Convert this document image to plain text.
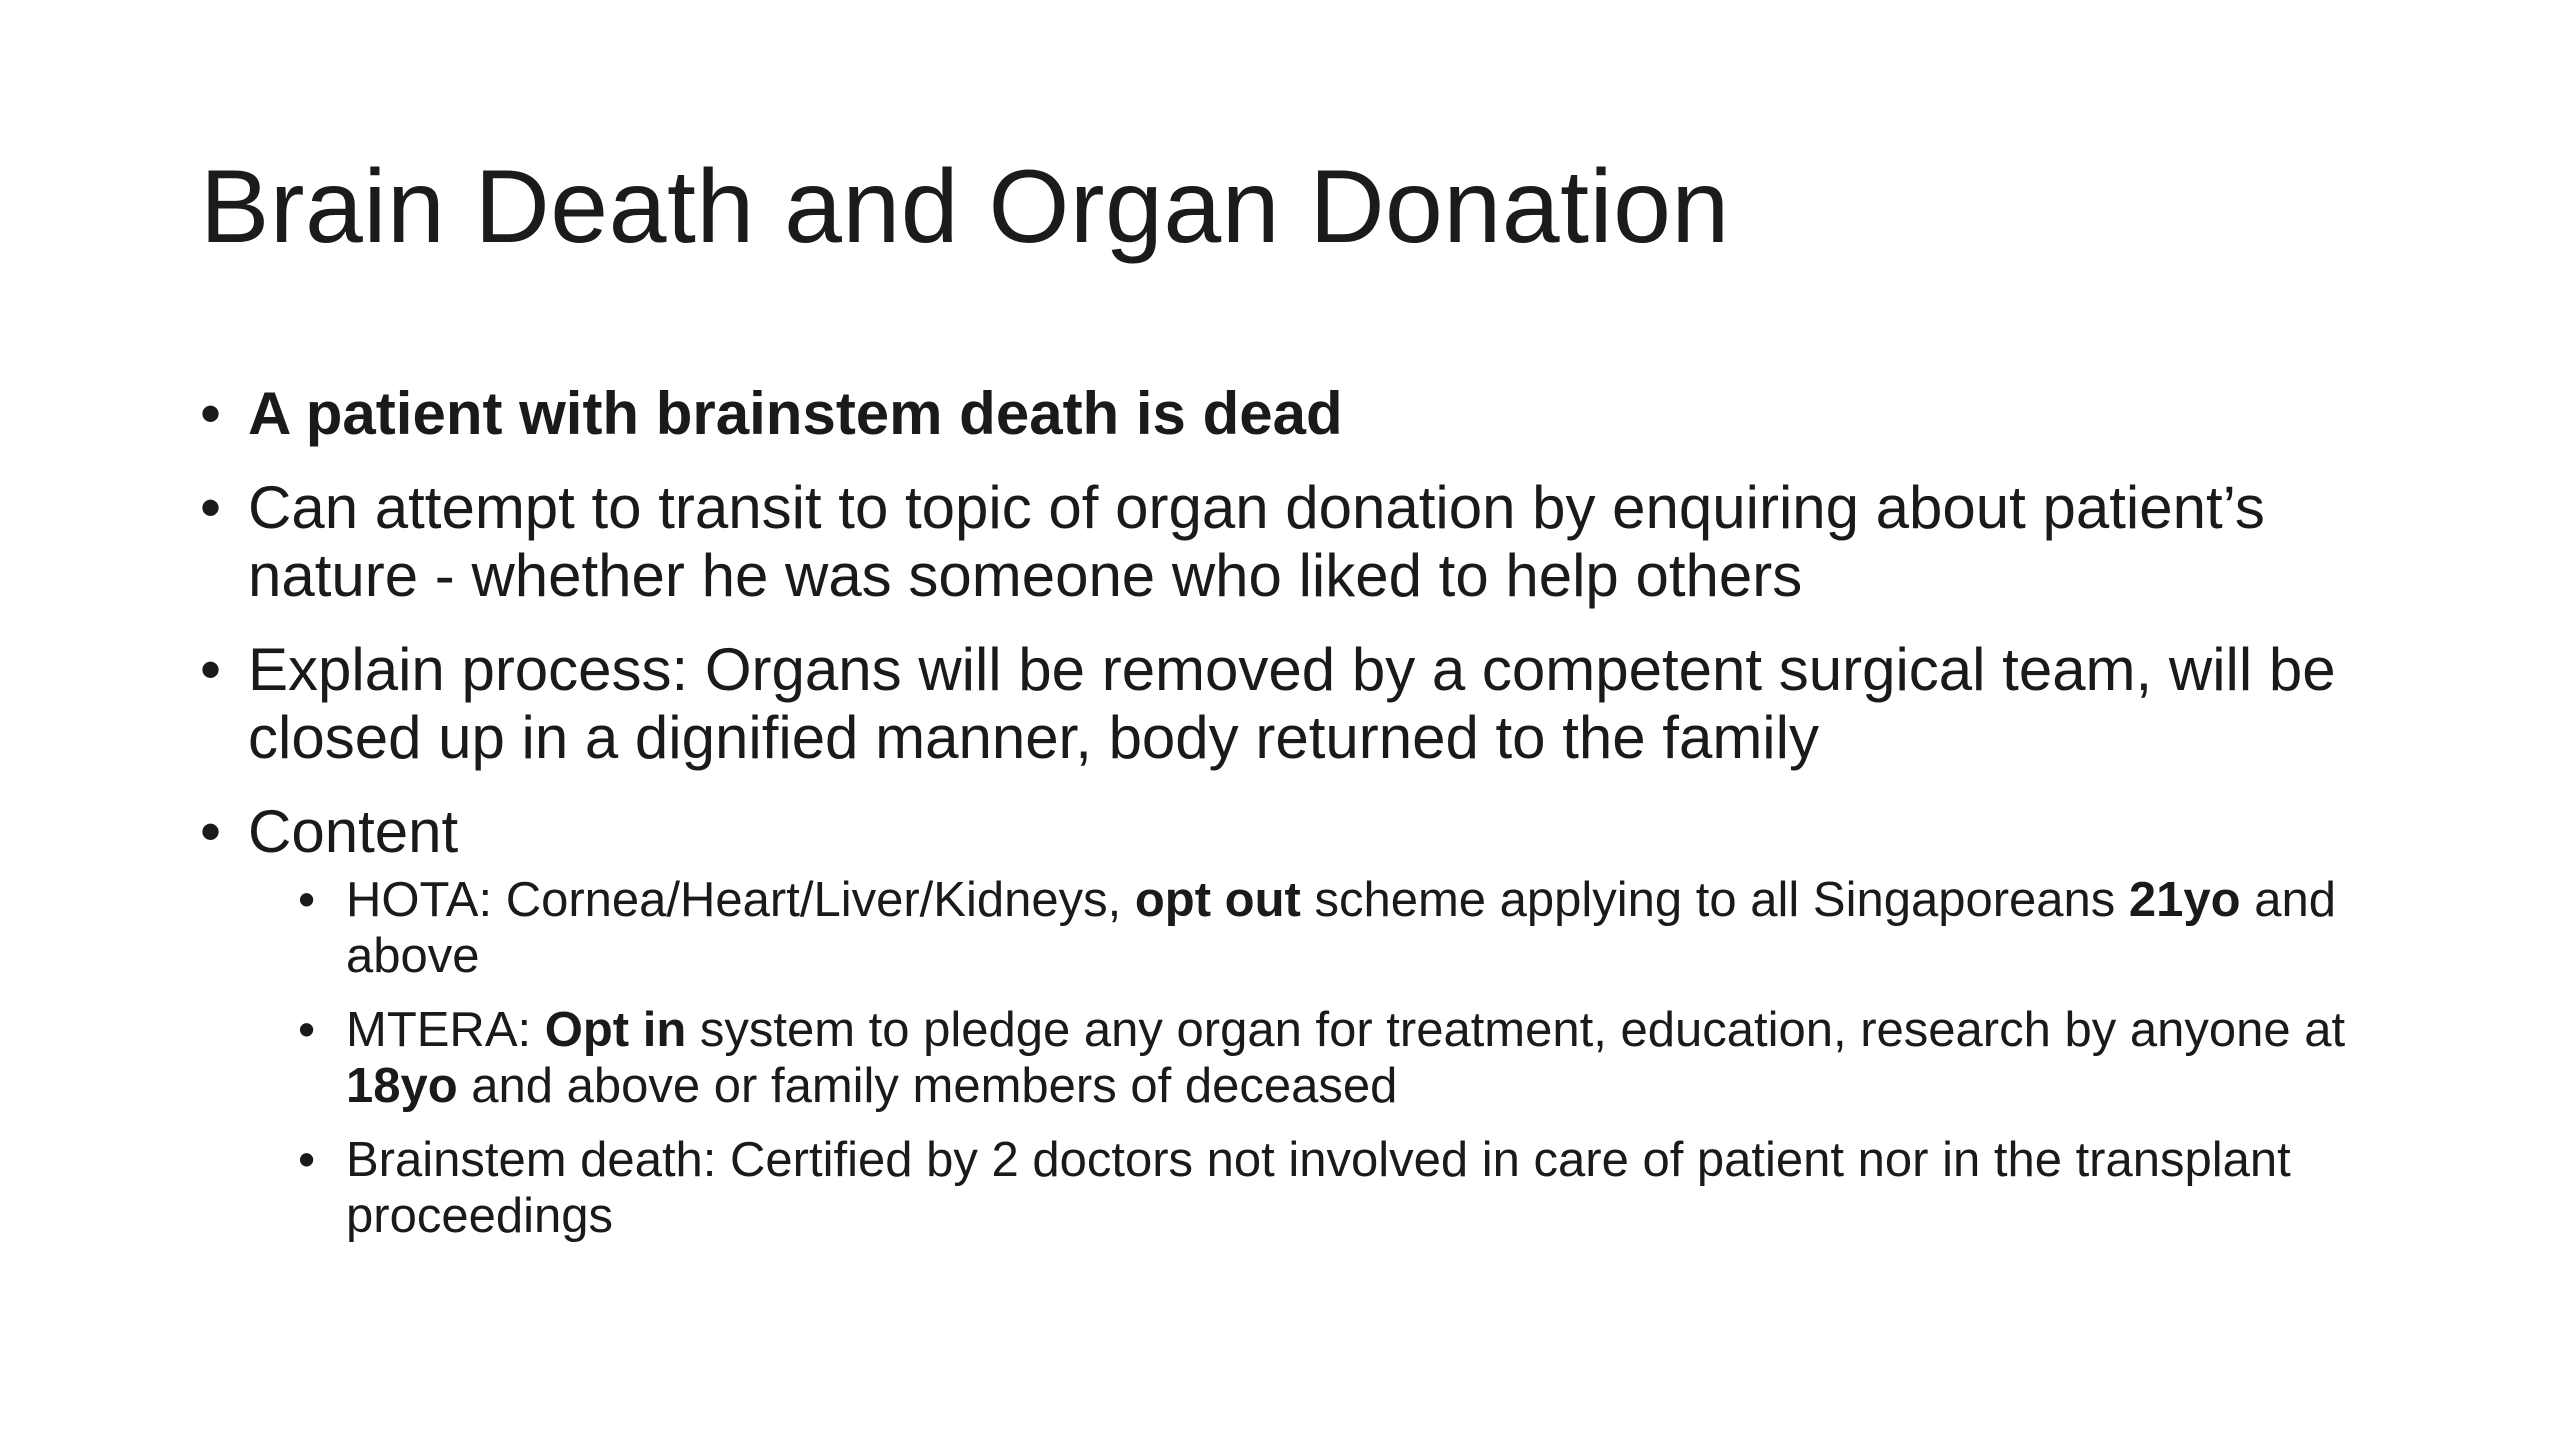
Brain Death and Organ Donation
• A patient with brainstem death is dead
• Can attempt to transit to topic of organ donation by enquiring about patient’s nature - whether he was someone who liked to help others
• Explain process: Organs will be removed by a competent surgical team, will be closed up in a dignified manner, body returned to the family
• Content
• HOTA: Cornea/Heart/Liver/Kidneys, opt out scheme applying to all Singaporeans 21yo and above
• MTERA: Opt in system to pledge any organ for treatment, education, research by anyone at 18yo and above or family members of deceased
• Brainstem death: Certified by 2 doctors not involved in care of patient nor in the transplant proceedings
